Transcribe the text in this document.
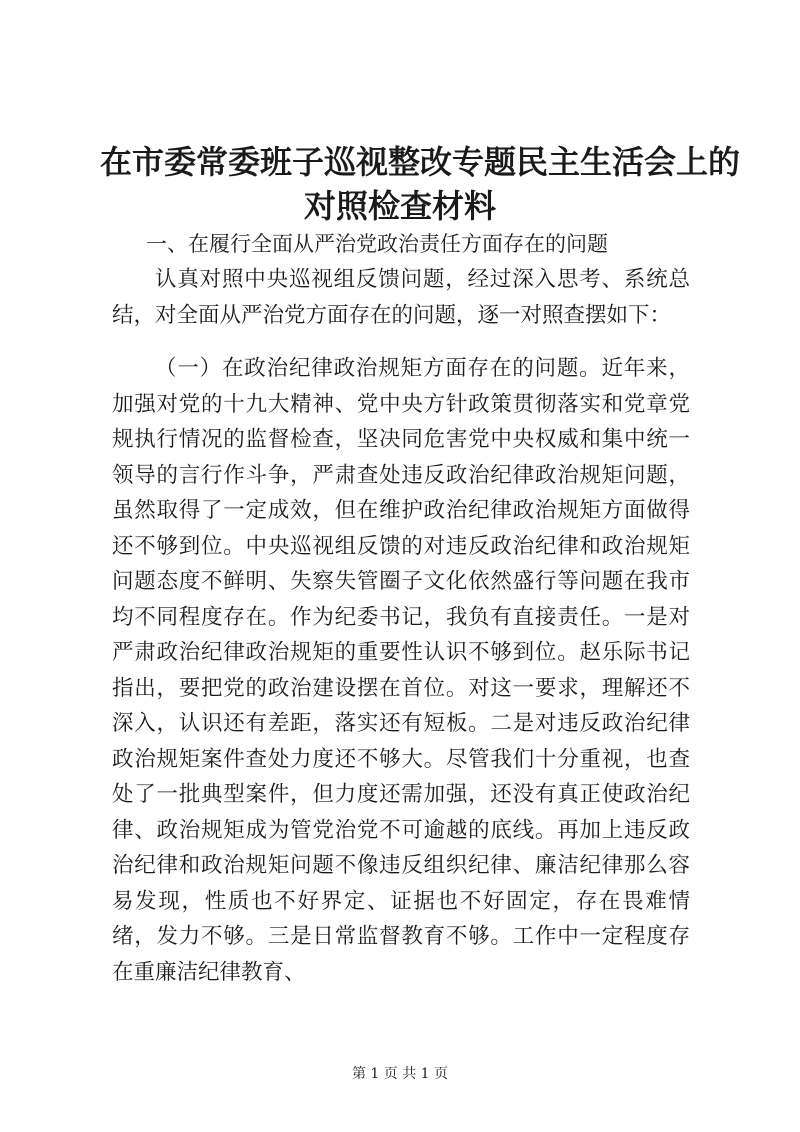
在市委常委班子巡视整改专题民主生活会上的
对照检查材料
一、在履行全面从严治党政治责任方面存在的问题
认真对照中央巡视组反馈问题，经过深入思考、系统总结，对全面从严治党方面存在的问题，逐一对照查摆如下：
（一）在政治纪律政治规矩方面存在的问题。近年来，加强对党的十九大精神、党中央方针政策贯彻落实和党章党规执行情况的监督检查，坚决同危害党中央权威和集中统一领导的言行作斗争，严肃查处违反政治纪律政治规矩问题，虽然取得了一定成效，但在维护政治纪律政治规矩方面做得还不够到位。中央巡视组反馈的对违反政治纪律和政治规矩问题态度不鲜明、失察失管圈子文化依然盛行等问题在我市均不同程度存在。作为纪委书记，我负有直接责任。一是对严肃政治纪律政治规矩的重要性认识不够到位。赵乐际书记指出，要把党的政治建设摆在首位。对这一要求，理解还不深入，认识还有差距，落实还有短板。二是对违反政治纪律政治规矩案件查处力度还不够大。尽管我们十分重视，也查处了一批典型案件，但力度还需加强，还没有真正使政治纪律、政治规矩成为管党治党不可逾越的底线。再加上违反政治纪律和政治规矩问题不像违反组织纪律、廉洁纪律那么容易发现，性质也不好界定、证据也不好固定，存在畏难情绪，发力不够。三是日常监督教育不够。工作中一定程度存在重廉洁纪律教育、
第 1 页 共 1 页
